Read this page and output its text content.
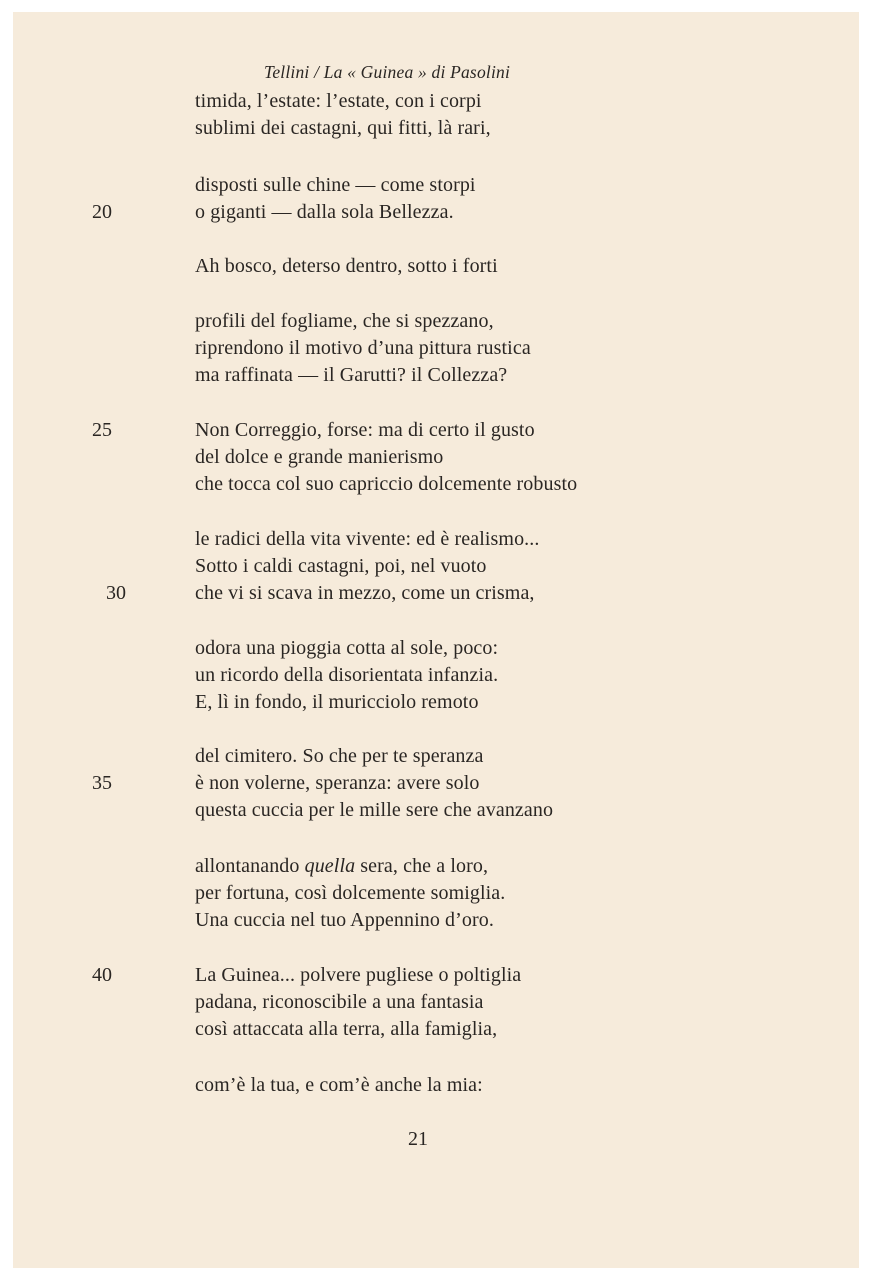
Tellini / La « Guinea » di Pasolini
timida, l’estate: l’estate, con i corpi
sublimi dei castagni, qui fitti, là rari,
disposti sulle chine — come storpi
o giganti — dalla sola Bellezza.
Ah bosco, deterso dentro, sotto i forti
profili del fogliame, che si spezzano,
riprendono il motivo d’una pittura rustica
ma raffinata — il Garutti? il Collezza?
Non Correggio, forse: ma di certo il gusto
del dolce e grande manierismo
che tocca col suo capriccio dolcemente robusto
le radici della vita vivente: ed è realismo...
Sotto i caldi castagni, poi, nel vuoto
che vi si scava in mezzo, come un crisma,
odora una pioggia cotta al sole, poco:
un ricordo della disorientata infanzia.
E, lì in fondo, il muricciolo remoto
del cimitero. So che per te speranza
è non volerne, speranza: avere solo
questa cuccia per le mille sere che avanzano
allontanando quella sera, che a loro,
per fortuna, così dolcemente somiglia.
Una cuccia nel tuo Appennino d’oro.
La Guinea... polvere pugliese o poltiglia
padana, riconoscibile a una fantasia
così attaccata alla terra, alla famiglia,
com’è la tua, e com’è anche la mia:
20
25
30
35
40
21
